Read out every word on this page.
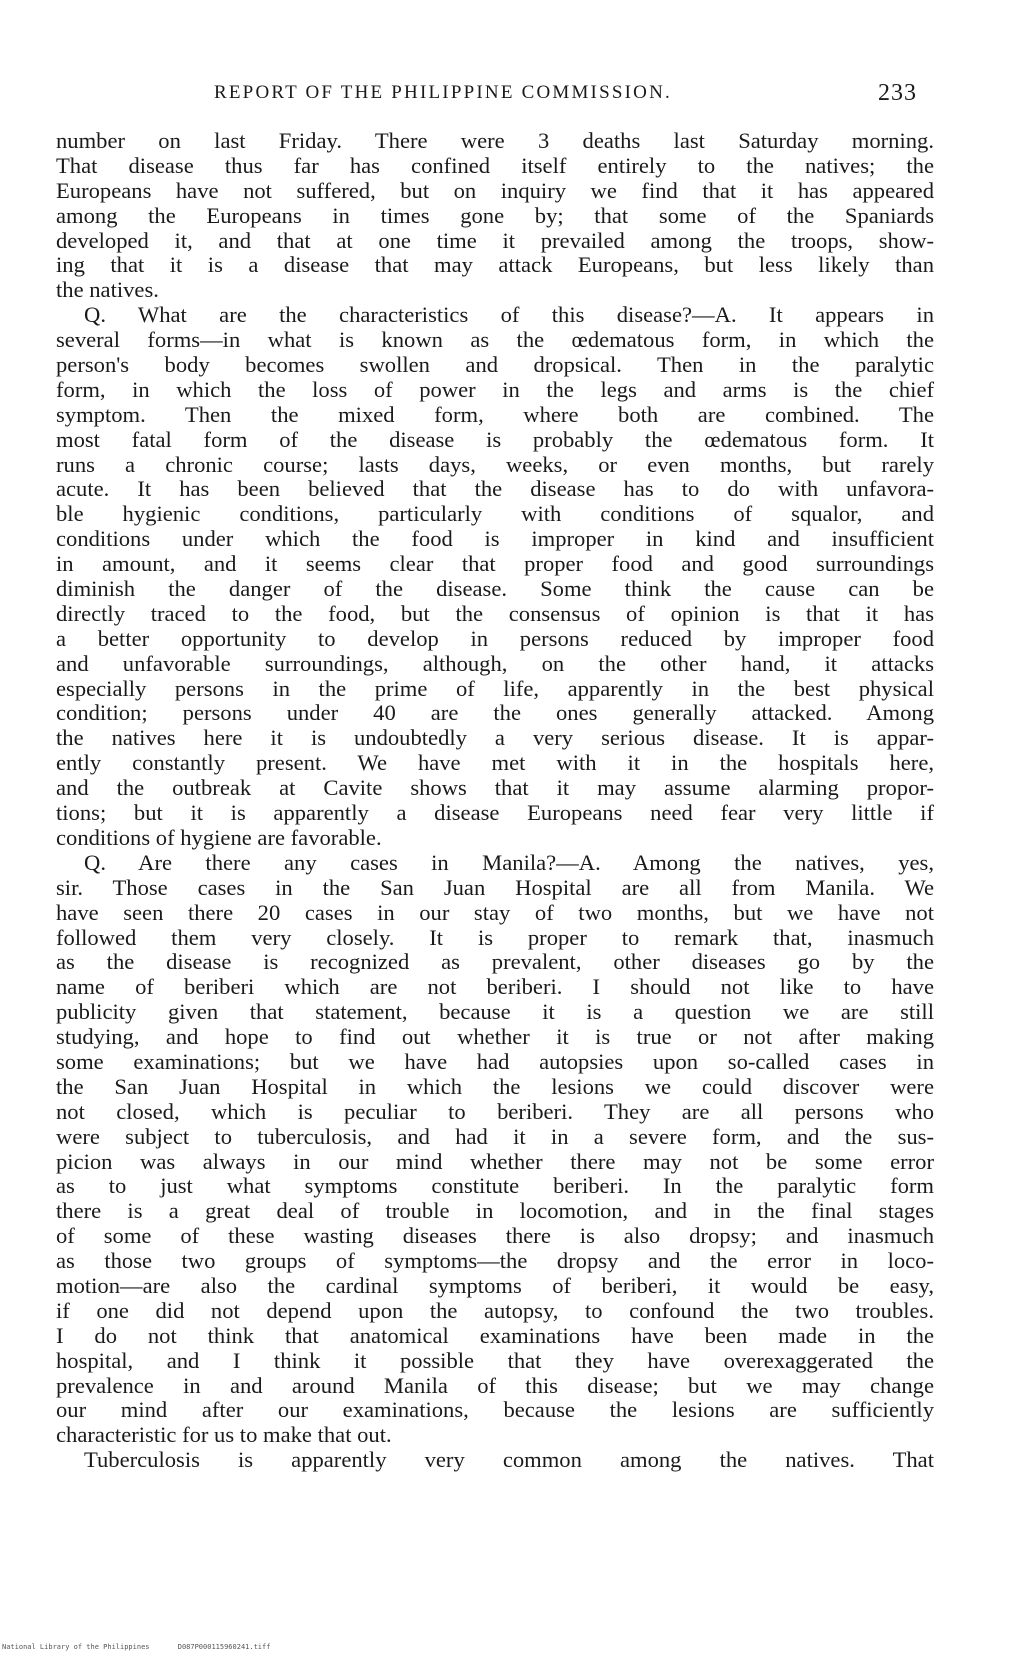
REPORT OF THE PHILIPPINE COMMISSION.	233
number on last Friday. There were 3 deaths last Saturday morning.
That disease thus far has confined itself entirely to the natives; the
Europeans have not suffered, but on inquiry we find that it has appeared
among the Europeans in times gone by; that some of the Spaniards
developed it, and that at one time it prevailed among the troops, show-
ing that it is a disease that may attack Europeans, but less likely than
the natives.
Q. What are the characteristics of this disease?—A. It appears in
several forms—in what is known as the œdematous form, in which the
person's body becomes swollen and dropsical. Then in the paralytic
form, in which the loss of power in the legs and arms is the chief
symptom. Then the mixed form, where both are combined. The
most fatal form of the disease is probably the œdematous form. It
runs a chronic course; lasts days, weeks, or even months, but rarely
acute. It has been believed that the disease has to do with unfavora-
ble hygienic conditions, particularly with conditions of squalor, and
conditions under which the food is improper in kind and insufficient
in amount, and it seems clear that proper food and good surroundings
diminish the danger of the disease. Some think the cause can be
directly traced to the food, but the consensus of opinion is that it has
a better opportunity to develop in persons reduced by improper food
and unfavorable surroundings, although, on the other hand, it attacks
especially persons in the prime of life, apparently in the best physical
condition; persons under 40 are the ones generally attacked. Among
the natives here it is undoubtedly a very serious disease. It is appar-
ently constantly present. We have met with it in the hospitals here,
and the outbreak at Cavite shows that it may assume alarming propor-
tions; but it is apparently a disease Europeans need fear very little if
conditions of hygiene are favorable.
Q. Are there any cases in Manila?—A. Among the natives, yes,
sir. Those cases in the San Juan Hospital are all from Manila. We
have seen there 20 cases in our stay of two months, but we have not
followed them very closely. It is proper to remark that, inasmuch
as the disease is recognized as prevalent, other diseases go by the
name of beriberi which are not beriberi. I should not like to have
publicity given that statement, because it is a question we are still
studying, and hope to find out whether it is true or not after making
some examinations; but we have had autopsies upon so-called cases in
the San Juan Hospital in which the lesions we could discover were
not closed, which is peculiar to beriberi. They are all persons who
were subject to tuberculosis, and had it in a severe form, and the sus-
picion was always in our mind whether there may not be some error
as to just what symptoms constitute beriberi. In the paralytic form
there is a great deal of trouble in locomotion, and in the final stages
of some of these wasting diseases there is also dropsy; and inasmuch
as those two groups of symptoms—the dropsy and the error in loco-
motion—are also the cardinal symptoms of beriberi, it would be easy,
if one did not depend upon the autopsy, to confound the two troubles.
I do not think that anatomical examinations have been made in the
hospital, and I think it possible that they have overexaggerated the
prevalence in and around Manila of this disease; but we may change
our mind after our examinations, because the lesions are sufficiently
characteristic for us to make that out.
Tuberculosis is apparently very common among the natives. That
National Library of the Philippines	D087P000115960241.tiff
